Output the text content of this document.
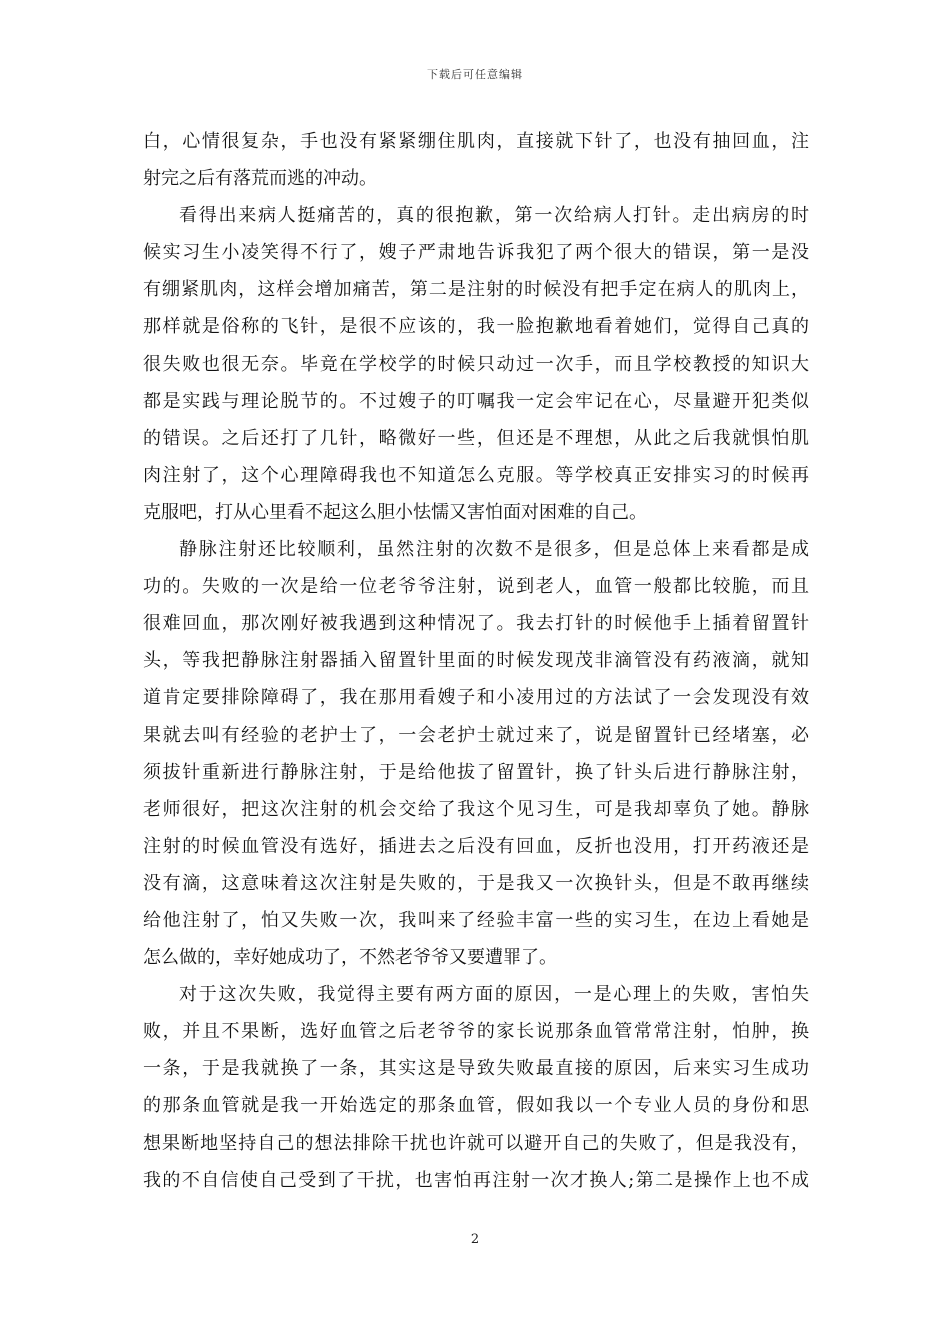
下载后可任意编辑
白，心情很复杂，手也没有紧紧绷住肌肉，直接就下针了，也没有抽回血，注
射完之后有落荒而逃的冲动。
看得出来病人挺痛苦的，真的很抱歉，第一次给病人打针。走出病房的时
候实习生小凌笑得不行了，嫂子严肃地告诉我犯了两个很大的错误，第一是没
有绷紧肌肉，这样会增加痛苦，第二是注射的时候没有把手定在病人的肌肉上，
那样就是俗称的飞针，是很不应该的，我一脸抱歉地看着她们，觉得自己真的
很失败也很无奈。毕竟在学校学的时候只动过一次手，而且学校教授的知识大
都是实践与理论脱节的。不过嫂子的叮嘱我一定会牢记在心，尽量避开犯类似
的错误。之后还打了几针，略微好一些，但还是不理想，从此之后我就惧怕肌
肉注射了，这个心理障碍我也不知道怎么克服。等学校真正安排实习的时候再
克服吧，打从心里看不起这么胆小怯懦又害怕面对困难的自己。
静脉注射还比较顺利，虽然注射的次数不是很多，但是总体上来看都是成
功的。失败的一次是给一位老爷爷注射，说到老人，血管一般都比较脆，而且
很难回血，那次刚好被我遇到这种情况了。我去打针的时候他手上插着留置针
头，等我把静脉注射器插入留置针里面的时候发现茂非滴管没有药液滴，就知
道肯定要排除障碍了，我在那用看嫂子和小凌用过的方法试了一会发现没有效
果就去叫有经验的老护士了，一会老护士就过来了，说是留置针已经堵塞，必
须拔针重新进行静脉注射，于是给他拔了留置针，换了针头后进行静脉注射，
老师很好，把这次注射的机会交给了我这个见习生，可是我却辜负了她。静脉
注射的时候血管没有选好，插进去之后没有回血，反折也没用，打开药液还是
没有滴，这意味着这次注射是失败的，于是我又一次换针头，但是不敢再继续
给他注射了，怕又失败一次，我叫来了经验丰富一些的实习生，在边上看她是
怎么做的，幸好她成功了，不然老爷爷又要遭罪了。
对于这次失败，我觉得主要有两方面的原因，一是心理上的失败，害怕失
败，并且不果断，选好血管之后老爷爷的家长说那条血管常常注射，怕肿，换
一条，于是我就换了一条，其实这是导致失败最直接的原因，后来实习生成功
的那条血管就是我一开始选定的那条血管，假如我以一个专业人员的身份和思
想果断地坚持自己的想法排除干扰也许就可以避开自己的失败了，但是我没有，
我的不自信使自己受到了干扰，也害怕再注射一次才换人;第二是操作上也不成
2
